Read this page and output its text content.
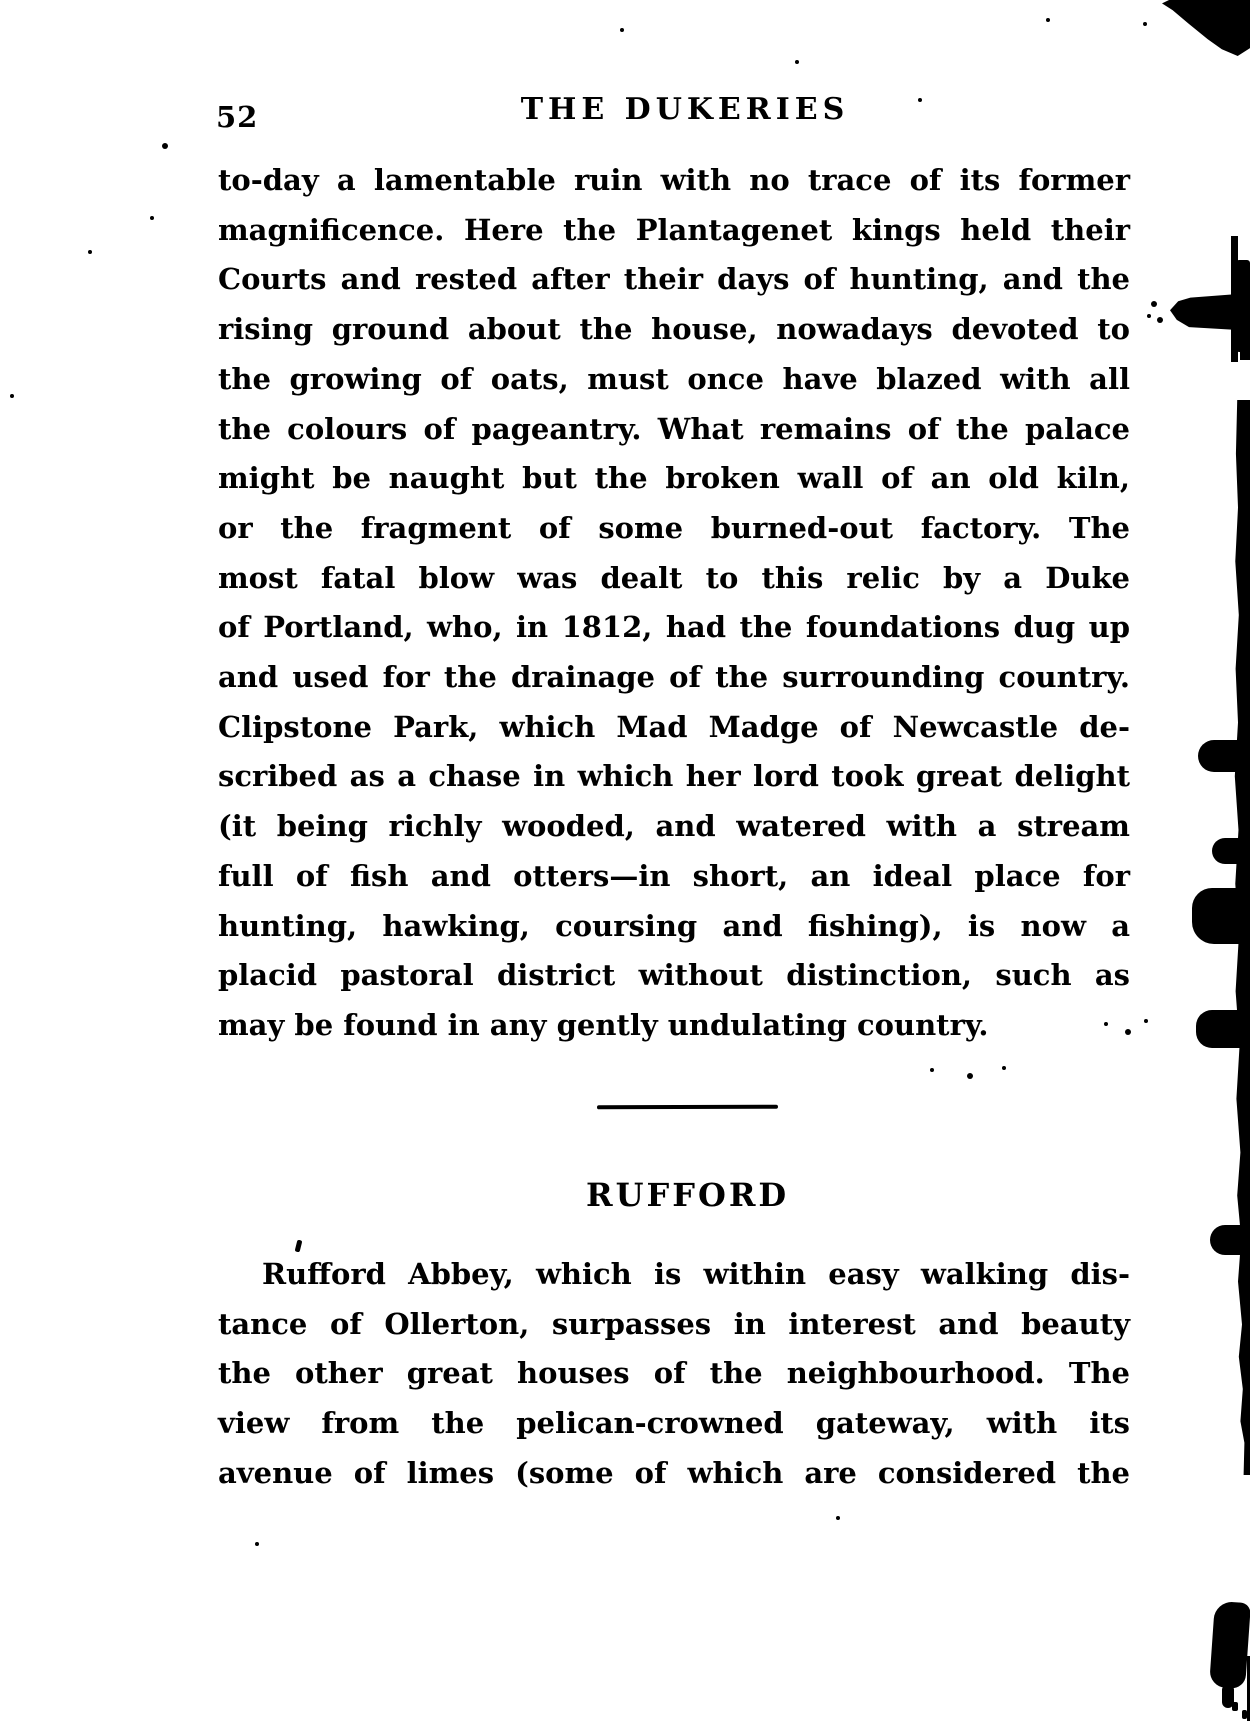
52	THE DUKERIES
to-day a lamentable ruin with no trace of its former
magnificence. Here the Plantagenet kings held their
Courts and rested after their days of hunting, and the
rising ground about the house, nowadays devoted to
the growing of oats, must once have blazed with all
the colours of pageantry. What remains of the palace
might be naught but the broken wall of an old kiln,
or the fragment of some burned-out factory. The
most fatal blow was dealt to this relic by a Duke
of Portland, who, in 1812, had the foundations dug up
and used for the drainage of the surrounding country.
Clipstone Park, which Mad Madge of Newcastle de-
scribed as a chase in which her lord took great delight
(it being richly wooded, and watered with a stream
full of fish and otters—in short, an ideal place for
hunting, hawking, coursing and fishing), is now a
placid pastoral district without distinction, such as
may be found in any gently undulating country.
RUFFORD
Rufford Abbey, which is within easy walking dis-
tance of Ollerton, surpasses in interest and beauty
the other great houses of the neighbourhood. The
view from the pelican-crowned gateway, with its
avenue of limes (some of which are considered the
